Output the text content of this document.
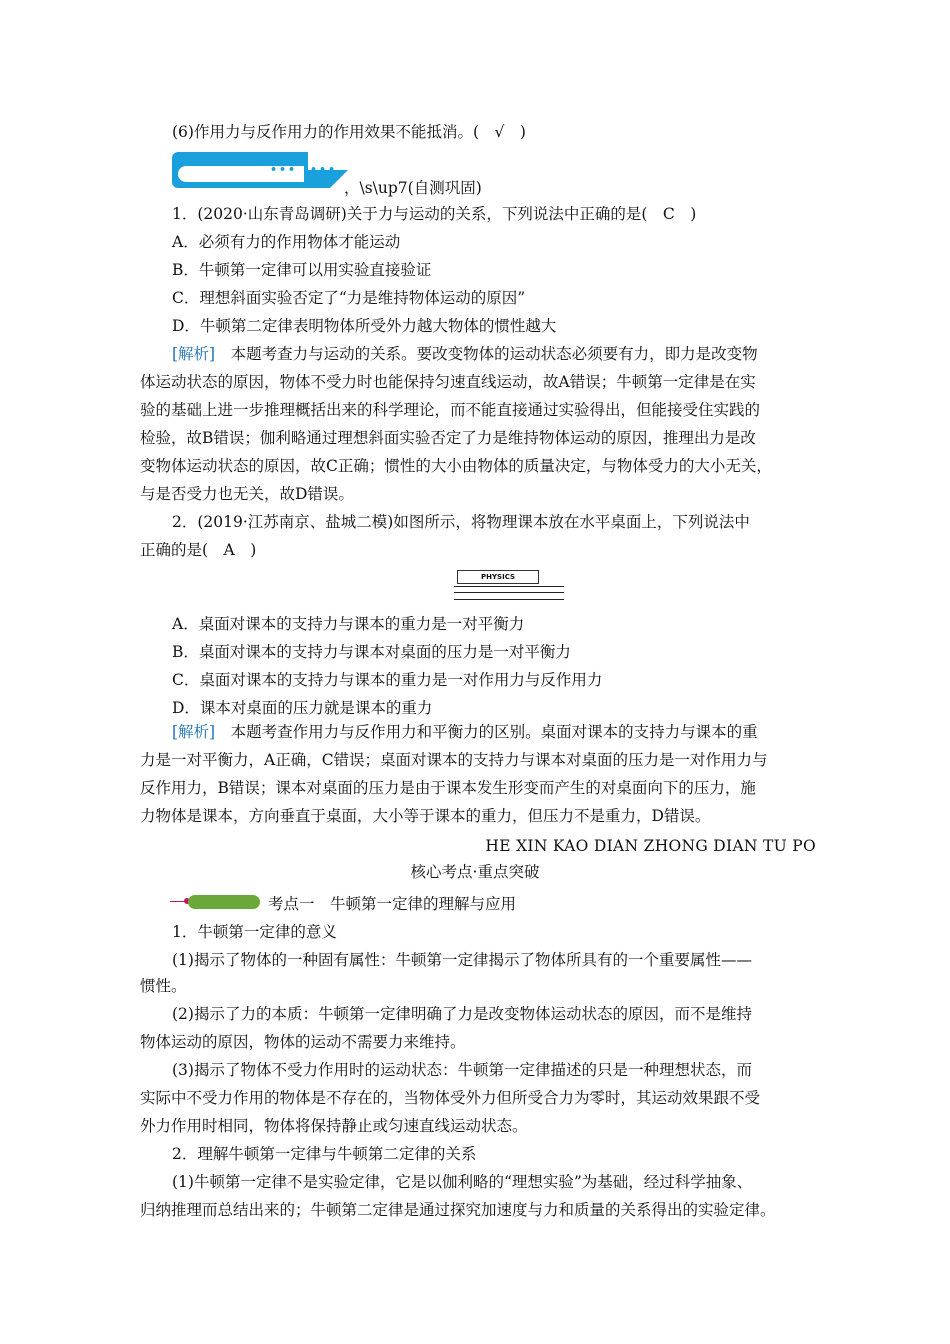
(6)作用力与反作用力的作用效果不能抵消。(　√　)
••• •••
，\s\up7(自测巩固)
1．(2020·山东青岛调研)关于力与运动的关系，下列说法中正确的是(　C　)
A．必须有力的作用物体才能运动
B．牛顿第一定律可以用实验直接验证
C．理想斜面实验否定了“力是维持物体运动的原因”
D．牛顿第二定律表明物体所受外力越大物体的惯性越大
[解析]　 本题考查力与运动的关系。要改变物体的运动状态必须要有力，即力是改变物
体运动状态的原因，物体不受力时也能保持匀速直线运动，故A错误；牛顿第一定律是在实
验的基础上进一步推理概括出来的科学理论，而不能直接通过实验得出，但能接受住实践的
检验，故B错误；伽利略通过理想斜面实验否定了力是维持物体运动的原因，推理出力是改
变物体运动状态的原因，故C正确；惯性的大小由物体的质量决定，与物体受力的大小无关，
与是否受力也无关，故D错误。
2．(2019·江苏南京、盐城二模)如图所示，将物理课本放在水平桌面上，下列说法中
正确的是(　A　)
PHYSICS
A．桌面对课本的支持力与课本的重力是一对平衡力
B．桌面对课本的支持力与课本对桌面的压力是一对平衡力
C．桌面对课本的支持力与课本的重力是一对作用力与反作用力
D．课本对桌面的压力就是课本的重力
[解析]　 本题考查作用力与反作用力和平衡力的区别。桌面对课本的支持力与课本的重
力是一对平衡力，A正确，C错误；桌面对课本的支持力与课本对桌面的压力是一对作用力与
反作用力，B错误；课本对桌面的压力是由于课本发生形变而产生的对桌面向下的压力，施
力物体是课本，方向垂直于桌面，大小等于课本的重力，但压力不是重力，D错误。
HE XIN KAO DIAN ZHONG DIAN TU PO
核心考点·重点突破
考点一　牛顿第一定律的理解与应用
1．牛顿第一定律的意义
(1)揭示了物体的一种固有属性：牛顿第一定律揭示了物体所具有的一个重要属性——
惯性。
(2)揭示了力的本质：牛顿第一定律明确了力是改变物体运动状态的原因，而不是维持
物体运动的原因，物体的运动不需要力来维持。
(3)揭示了物体不受力作用时的运动状态：牛顿第一定律描述的只是一种理想状态，而
实际中不受力作用的物体是不存在的，当物体受外力但所受合力为零时，其运动效果跟不受
外力作用时相同，物体将保持静止或匀速直线运动状态。
2．理解牛顿第一定律与牛顿第二定律的关系
(1)牛顿第一定律不是实验定律，它是以伽利略的“理想实验”为基础，经过科学抽象、
归纳推理而总结出来的；牛顿第二定律是通过探究加速度与力和质量的关系得出的实验定律。
